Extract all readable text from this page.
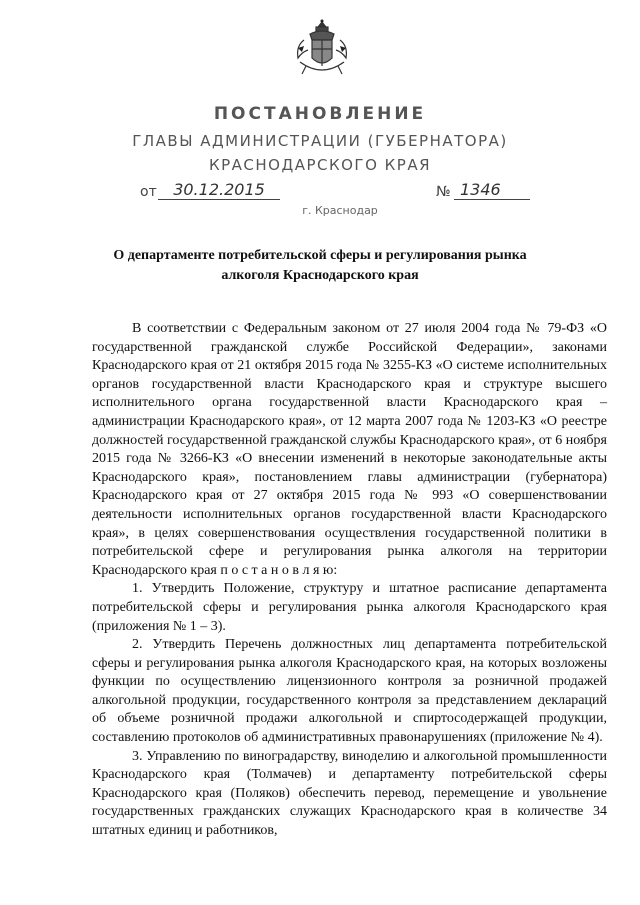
ПОСТАНОВЛЕНИЕ
ГЛАВЫ АДМИНИСТРАЦИИ (ГУБЕРНАТОРА)
КРАСНОДАРСКОГО КРАЯ
от	30.12.2015	№ 1346
г. Краснодар
О департаменте потребительской сферы и регулирования рынка алкоголя Краснодарского края

В соответствии с Федеральным законом от 27 июля 2004 года № 79-ФЗ «О государственной гражданской службе Российской Федерации», законами Краснодарского края от 21 октября 2015 года № 3255-КЗ «О системе исполнительных органов государственной власти Краснодарского края и структуре высшего исполнительного органа государственной власти Краснодарского края – администрации Краснодарского края», от 12 марта 2007 года № 1203-КЗ «О реестре должностей государственной гражданской службы Краснодарского края», от 6 ноября 2015 года № 3266-КЗ «О внесении изменений в некоторые законодательные акты Краснодарского края», постановлением главы администрации (губернатора) Краснодарского края от 27 октября 2015 года № 993 «О совершенствовании деятельности исполнительных органов государственной власти Краснодарского края», в целях совершенствования осуществления государственной политики в потребительской сфере и регулирования рынка алкоголя на территории Краснодарского края п о с т а н о в л я ю:

1. Утвердить Положение, структуру и штатное расписание департамента потребительской сферы и регулирования рынка алкоголя Краснодарского края (приложения № 1 – 3).

2. Утвердить Перечень должностных лиц департамента потребительской сферы и регулирования рынка алкоголя Краснодарского края, на которых возложены функции по осуществлению лицензионного контроля за розничной продажей алкогольной продукции, государственного контроля за представлением деклараций об объеме розничной продажи алкогольной и спиртосодержащей продукции, составлению протоколов об административных правонарушениях (приложение № 4).

3. Управлению по виноградарству, виноделию и алкогольной промышленности Краснодарского края (Толмачев) и департаменту потребительской сферы Краснодарского края (Поляков) обеспечить перевод, перемещение и увольнение государственных гражданских служащих Краснодарского края в количестве 34 штатных единиц и работников,
